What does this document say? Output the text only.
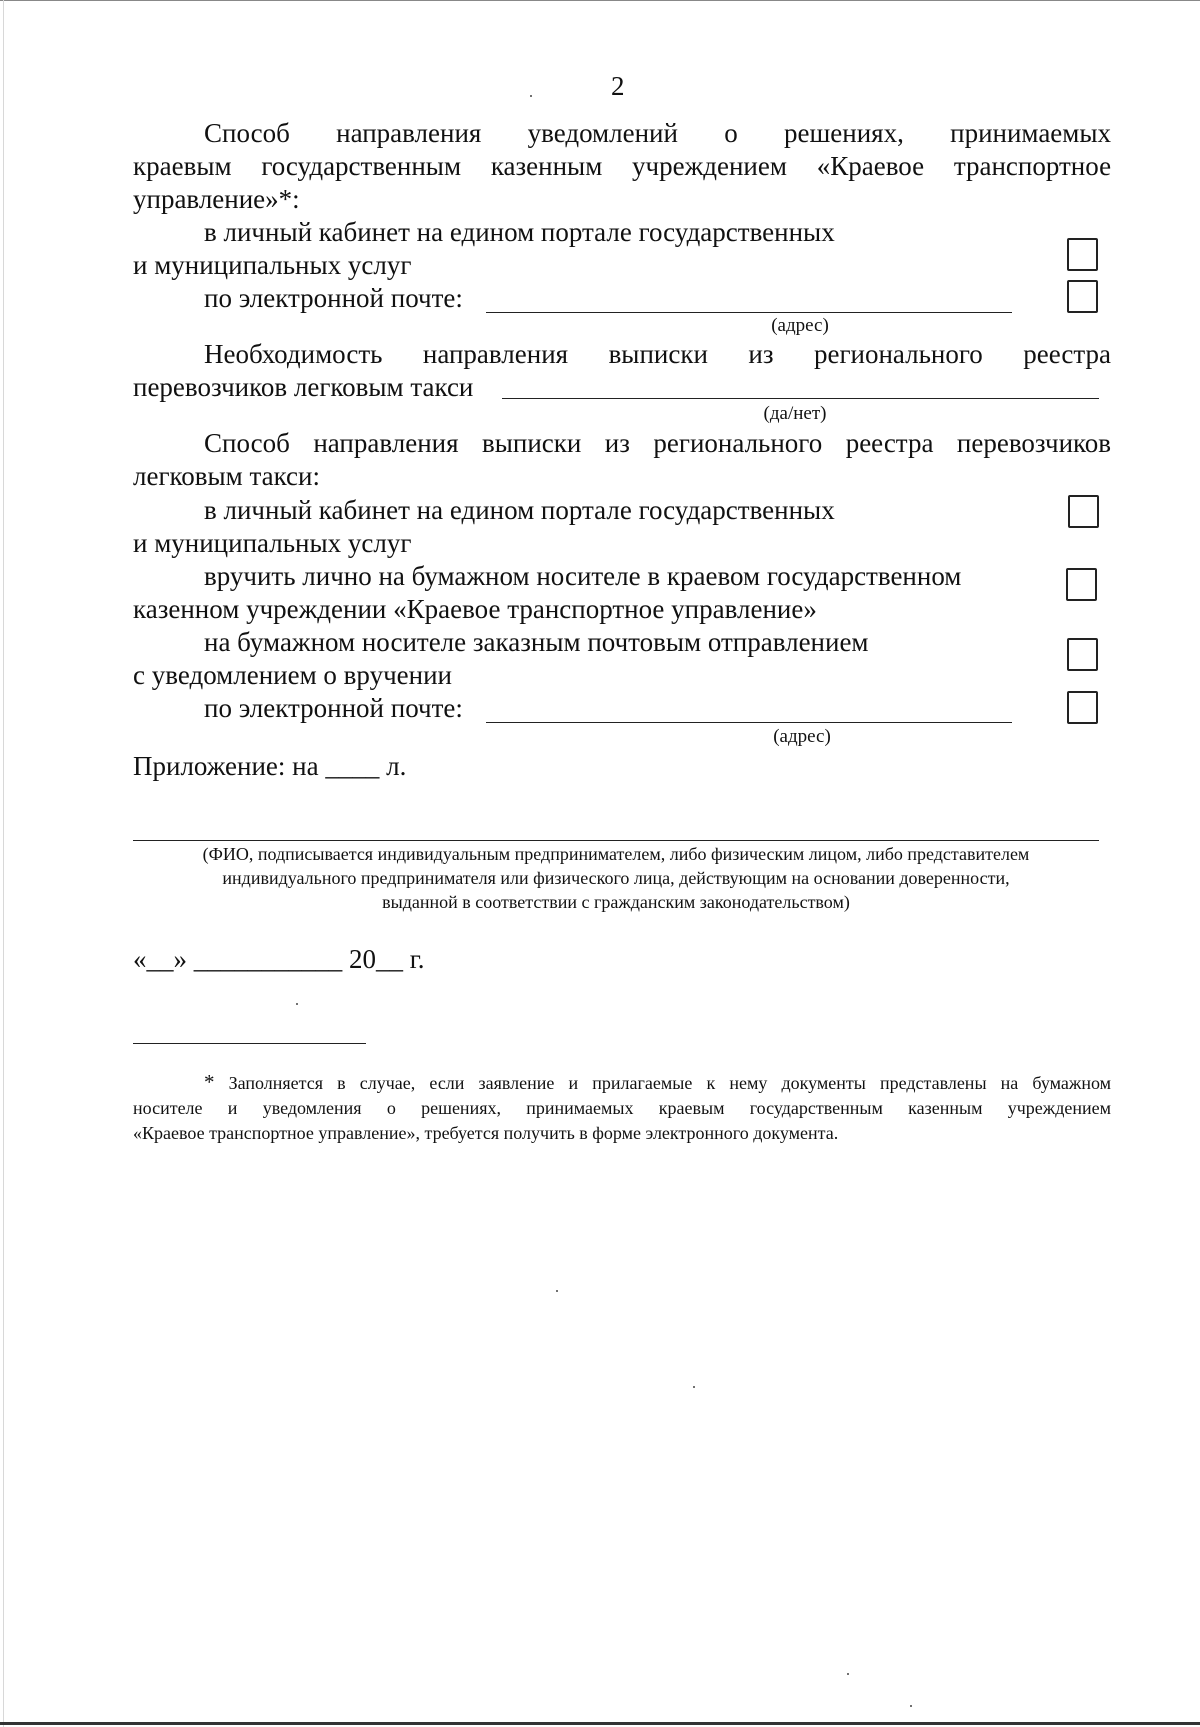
2
Способ направления уведомлений о решениях, принимаемых
краевым государственным казенным учреждением «Краевое транспортное
управление»*:
в личный кабинет на едином портале государственных
и муниципальных услуг
по электронной почте:
(адрес)
Необходимость направления выписки из регионального реестра
перевозчиков легковым такси
(да/нет)
Способ направления выписки из регионального реестра перевозчиков
легковым такси:
в личный кабинет на едином портале государственных
и муниципальных услуг
вручить лично на бумажном носителе в краевом государственном
казенном учреждении «Краевое транспортное управление»
на бумажном носителе заказным почтовым отправлением
с уведомлением о вручении
по электронной почте:
(адрес)
Приложение: на ____ л.
(ФИО, подписывается индивидуальным предпринимателем, либо физическим лицом, либо представителем
индивидуального предпринимателя или физического лица, действующим на основании доверенности,
выданной в соответствии с гражданским законодательством)
«__» ___________ 20__ г.
* Заполняется в случае, если заявление и прилагаемые к нему документы представлены на бумажном
носителе и уведомления о решениях, принимаемых краевым государственным казенным учреждением
«Краевое транспортное управление», требуется получить в форме электронного документа.
